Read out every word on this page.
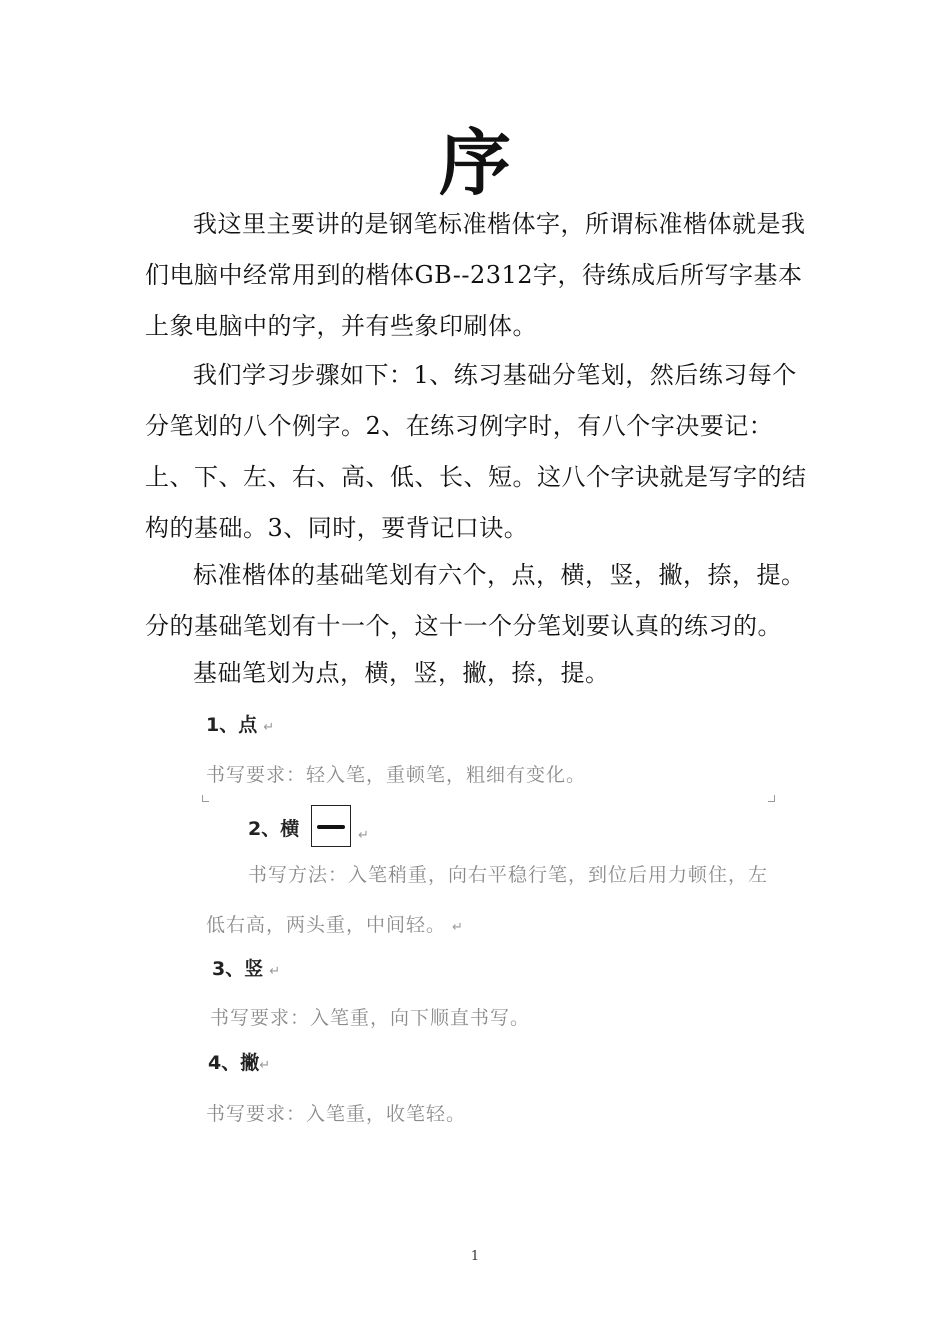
序

我这里主要讲的是钢笔标准楷体字，所谓标准楷体就是我们电脑中经常用到的楷体GB--2312字，待练成后所写字基本上象电脑中的字，并有些象印刷体。

我们学习步骤如下：1、练习基础分笔划，然后练习每个分笔划的八个例字。2、在练习例字时，有八个字决要记：上、下、左、右、高、低、长、短。这八个字诀就是写字的结构的基础。3、同时，要背记口诀。

标准楷体的基础笔划有六个，点，横，竖，撇，捺，提。分的基础笔划有十一个，这十一个分笔划要认真的练习的。

基础笔划为点，横，竖，撇，捺，提。

1、点 ↵
书写要求：轻入笔，重顿笔，粗细有变化。
2、横	↵
书写方法：入笔稍重，向右平稳行笔，到位后用力顿住，左
低右高，两头重，中间轻。 ↵
3、竖 ↵
书写要求：入笔重，向下顺直书写。
4、撇↵
书写要求：入笔重，收笔轻。
1
